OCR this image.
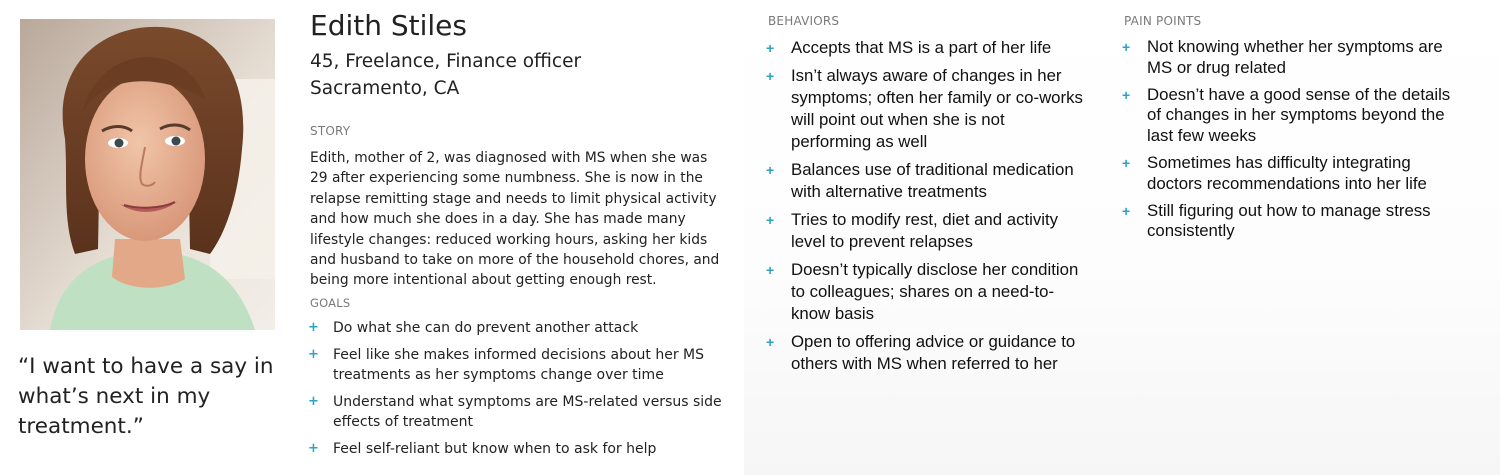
“I want to have a say in what’s next in my treatment.”
Edith Stiles
45, Freelance, Finance officer
Sacramento, CA
STORY
Edith, mother of 2, was diagnosed with MS when she was
29 after experiencing some numbness. She is now in the
relapse remitting stage and needs to limit physical activity
and how much she does in a day. She has made many
lifestyle changes: reduced working hours, asking her kids
and husband to take on more of the household chores, and
being more intentional about getting enough rest.
GOALS
+ Do what she can do prevent another attack
+ Feel like she makes informed decisions about her MS treatments as her symptoms change over time
+ Understand what symptoms are MS-related versus side effects of treatment
+ Feel self-reliant but know when to ask for help
BEHAVIORS
+ Accepts that MS is a part of her life
+ Isn’t always aware of changes in her symptoms; often her family or co-works will point out when she is not performing as well
+ Balances use of traditional medication with alternative treatments
+ Tries to modify rest, diet and activity level to prevent relapses
+ Doesn’t typically disclose her condition to colleagues; shares on a need-to-know basis
+ Open to offering advice or guidance to others with MS when referred to her
PAIN POINTS
+ Not knowing whether her symptoms are MS or drug related
+ Doesn’t have a good sense of the details of changes in her symptoms beyond the last few weeks
+ Sometimes has difficulty integrating doctors recommendations into her life
+ Still figuring out how to manage stress consistently
